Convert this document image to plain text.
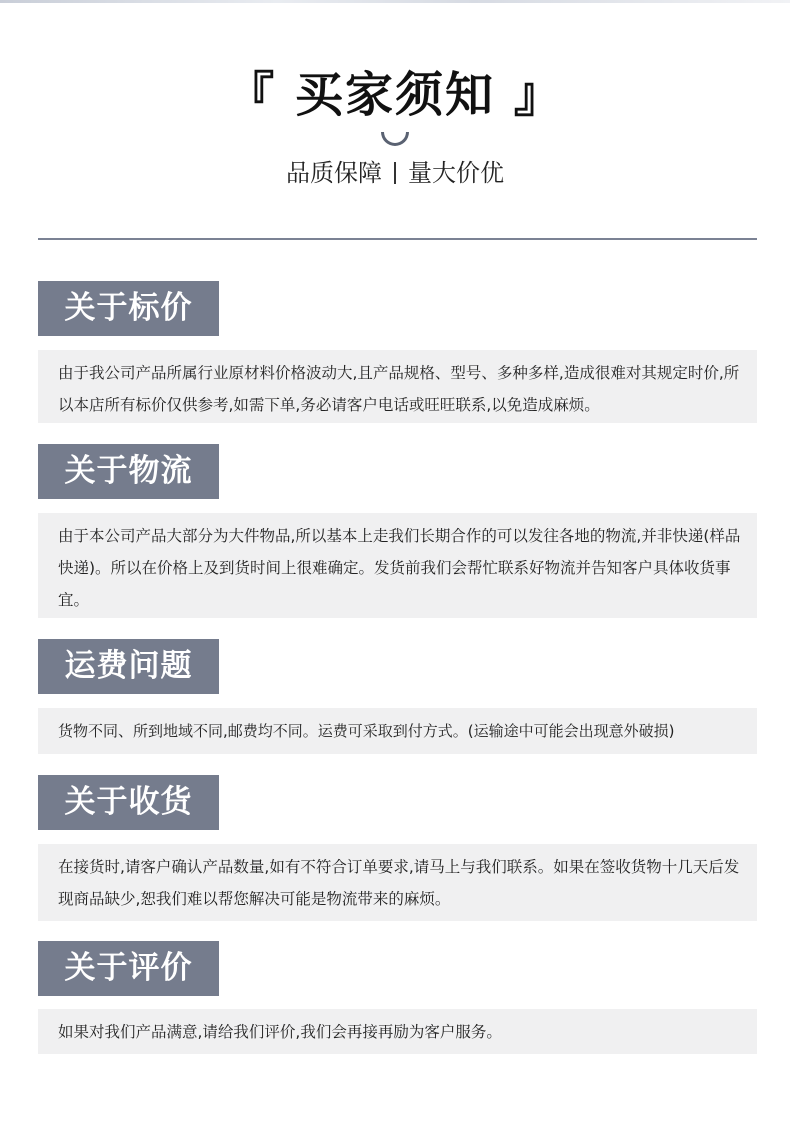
『 买家须知 』
品质保障 量大价优
关于标价
由于我公司产品所属行业原材料价格波动大,且产品规格、型号、多种多样,造成很难对其规定时价,所以本店所有标价仅供参考,如需下单,务必请客户电话或旺旺联系,以免造成麻烦。
关于物流
由于本公司产品大部分为大件物品,所以基本上走我们长期合作的可以发往各地的物流,并非快递(样品快递)。所以在价格上及到货时间上很难确定。发货前我们会帮忙联系好物流并告知客户具体收货事宜。
运费问题
货物不同、所到地域不同,邮费均不同。运费可采取到付方式。(运输途中可能会出现意外破损)
关于收货
在接货时,请客户确认产品数量,如有不符合订单要求,请马上与我们联系。如果在签收货物十几天后发现商品缺少,恕我们难以帮您解决可能是物流带来的麻烦。
关于评价
如果对我们产品满意,请给我们评价,我们会再接再励为客户服务。
